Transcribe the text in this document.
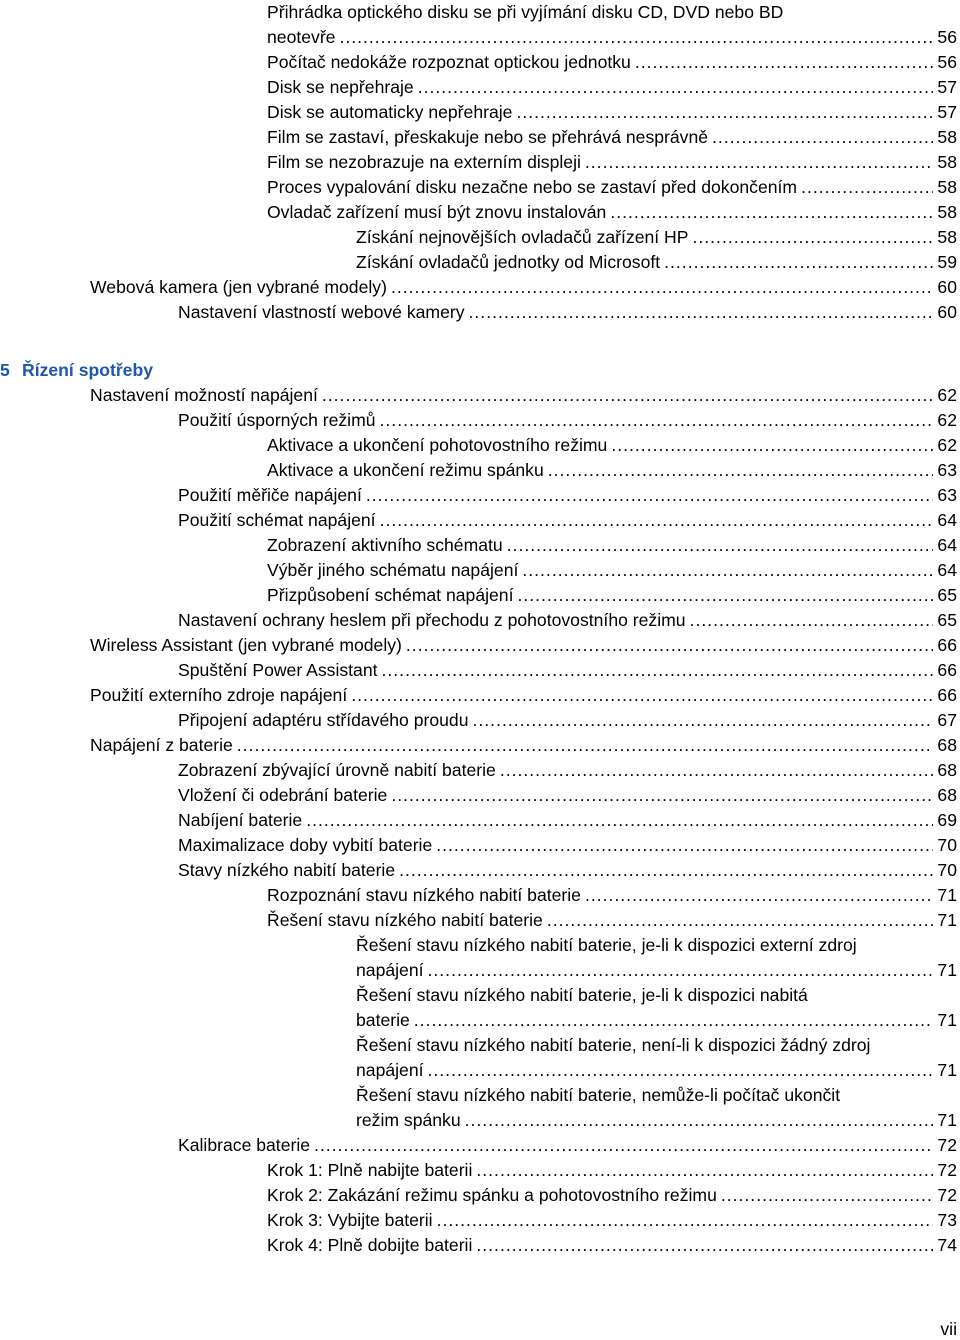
Přihrádka optického disku se při vyjímání disku CD, DVD nebo BD
neotevře .....	56
Počítač nedokáže rozpoznat optickou jednotku .....	56
Disk se nepřehraje .....	57
Disk se automaticky nepřehraje .....	57
Film se zastaví, přeskakuje nebo se přehrává nesprávně .....	58
Film se nezobrazuje na externím displeji .....	58
Proces vypalování disku nezačne nebo se zastaví před dokončením .....	58
Ovladač zařízení musí být znovu instalován .....	58
Získání nejnovějších ovladačů zařízení HP .....	58
Získání ovladačů jednotky od Microsoft .....	59
Webová kamera (jen vybrané modely) .....	60
Nastavení vlastností webové kamery .....	60
5 Řízení spotřeby
Nastavení možností napájení .....	62
Použití úsporných režimů .....	62
Aktivace a ukončení pohotovostního režimu .....	62
Aktivace a ukončení režimu spánku .....	63
Použití měřiče napájení .....	63
Použití schémat napájení .....	64
Zobrazení aktivního schématu .....	64
Výběr jiného schématu napájení .....	64
Přizpůsobení schémat napájení .....	65
Nastavení ochrany heslem při přechodu z pohotovostního režimu .....	65
Wireless Assistant (jen vybrané modely) .....	66
Spuštění Power Assistant .....	66
Použití externího zdroje napájení .....	66
Připojení adaptéru střídavého proudu .....	67
Napájení z baterie .....	68
Zobrazení zbývající úrovně nabití baterie .....	68
Vložení či odebrání baterie .....	68
Nabíjení baterie .....	69
Maximalizace doby vybití baterie .....	70
Stavy nízkého nabití baterie .....	70
Rozpoznání stavu nízkého nabití baterie .....	71
Řešení stavu nízkého nabití baterie .....	71
Řešení stavu nízkého nabití baterie, je-li k dispozici externí zdroj
napájení .....	71
Řešení stavu nízkého nabití baterie, je-li k dispozici nabitá
baterie .....	71
Řešení stavu nízkého nabití baterie, není-li k dispozici žádný zdroj
napájení .....	71
Řešení stavu nízkého nabití baterie, nemůže-li počítač ukončit
režim spánku .....	71
Kalibrace baterie .....	72
Krok 1: Plně nabijte baterii .....	72
Krok 2: Zakázání režimu spánku a pohotovostního režimu .....	72
Krok 3: Vybijte baterii .....	73
Krok 4: Plně dobijte baterii .....	74
vii
